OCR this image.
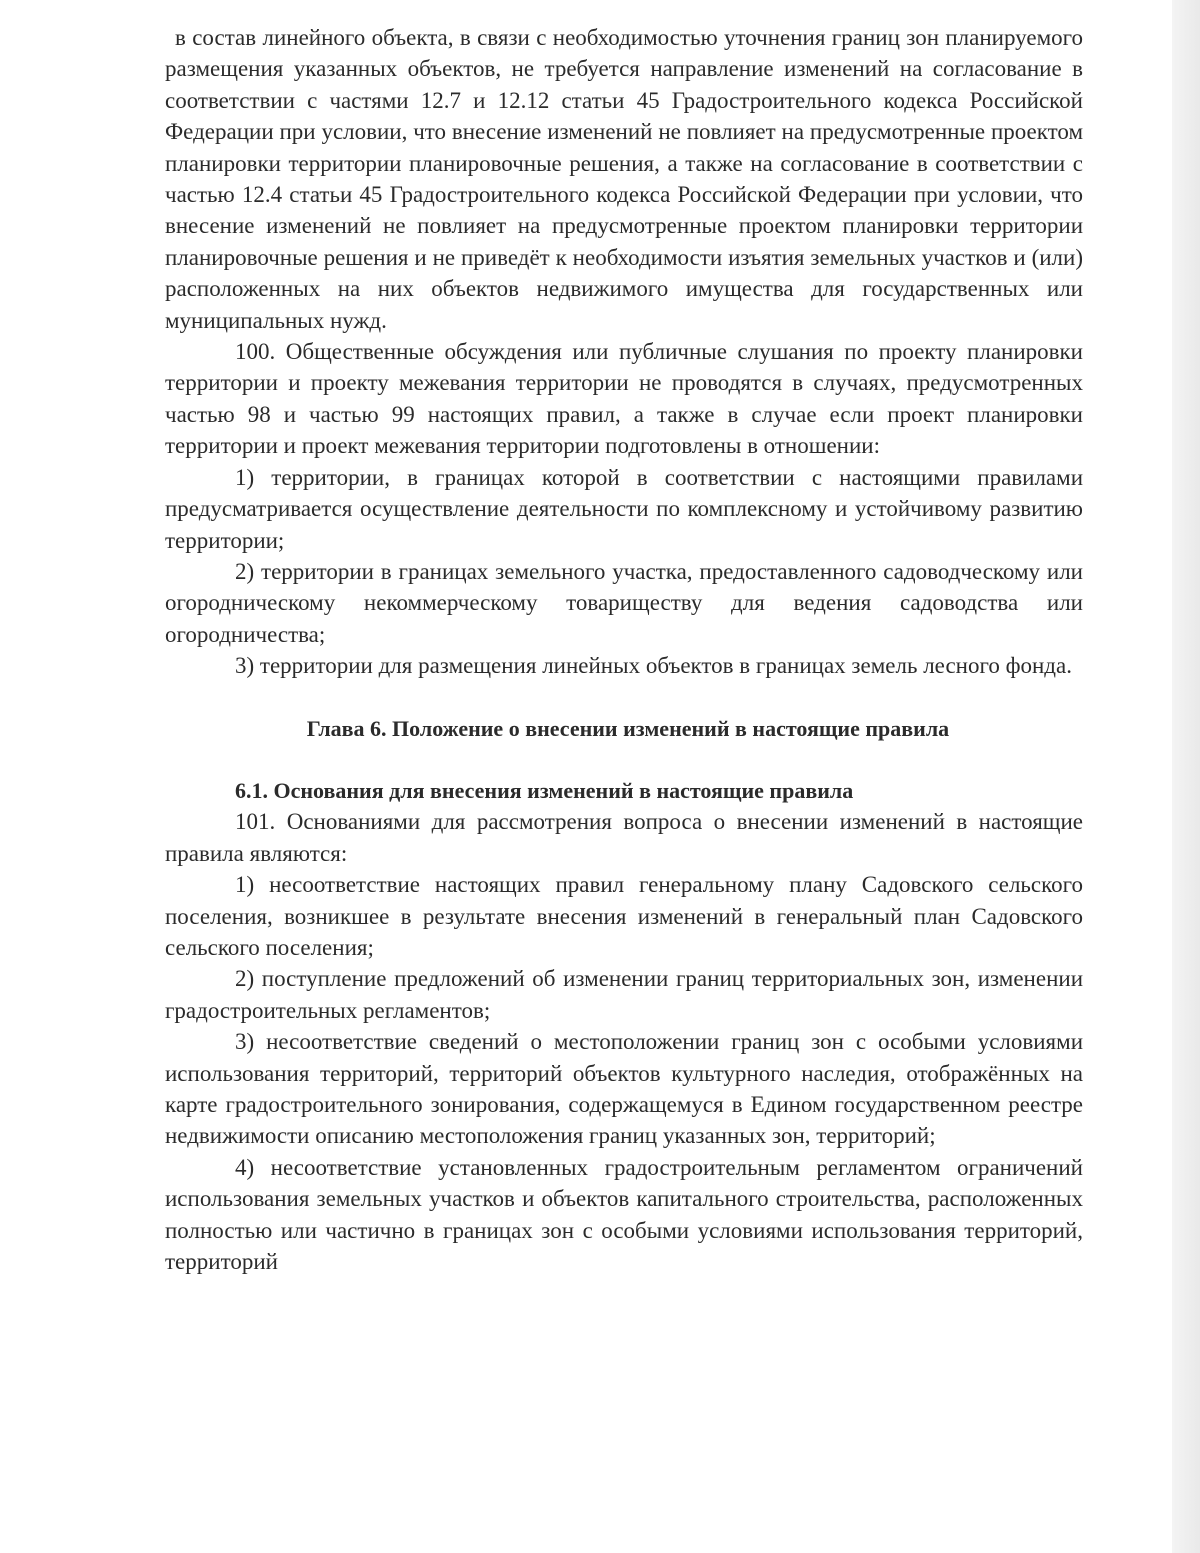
в состав линейного объекта, в связи с необходимостью уточнения границ зон планируемого размещения указанных объектов, не требуется направление изменений на согласование в соответствии с частями 12.7 и 12.12 статьи 45 Градостроительного кодекса Российской Федерации при условии, что внесение изменений не повлияет на предусмотренные проектом планировки территории планировочные решения, а также на согласование в соответствии с частью 12.4 статьи 45 Градостроительного кодекса Российской Федерации при условии, что внесение изменений не повлияет на предусмотренные проектом планировки территории планировочные решения и не приведёт к необходимости изъятия земельных участков и (или) расположенных на них объектов недвижимого имущества для государственных или муниципальных нужд.

100. Общественные обсуждения или публичные слушания по проекту планировки территории и проекту межевания территории не проводятся в случаях, предусмотренных частью 98 и частью 99 настоящих правил, а также в случае если проект планировки территории и проект межевания территории подготовлены в отношении:

1) территории, в границах которой в соответствии с настоящими правилами предусматривается осуществление деятельности по комплексному и устойчивому развитию территории;

2) территории в границах земельного участка, предоставленного садоводческому или огородническому некоммерческому товариществу для ведения садоводства или огородничества;

3) территории для размещения линейных объектов в границах земель лесного фонда.

Глава 6. Положение о внесении изменений в настоящие правила

6.1. Основания для внесения изменений в настоящие правила

101. Основаниями для рассмотрения вопроса о внесении изменений в настоящие правила являются:

1) несоответствие настоящих правил генеральному плану Садовского сельского поселения, возникшее в результате внесения изменений в генеральный план Садовского сельского поселения;

2) поступление предложений об изменении границ территориальных зон, изменении градостроительных регламентов;

3) несоответствие сведений о местоположении границ зон с особыми условиями использования территорий, территорий объектов культурного наследия, отображённых на карте градостроительного зонирования, содержащемуся в Едином государственном реестре недвижимости описанию местоположения границ указанных зон, территорий;

4) несоответствие установленных градостроительным регламентом ограничений использования земельных участков и объектов капитального строительства, расположенных полностью или частично в границах зон с особыми условиями использования территорий, территорий
